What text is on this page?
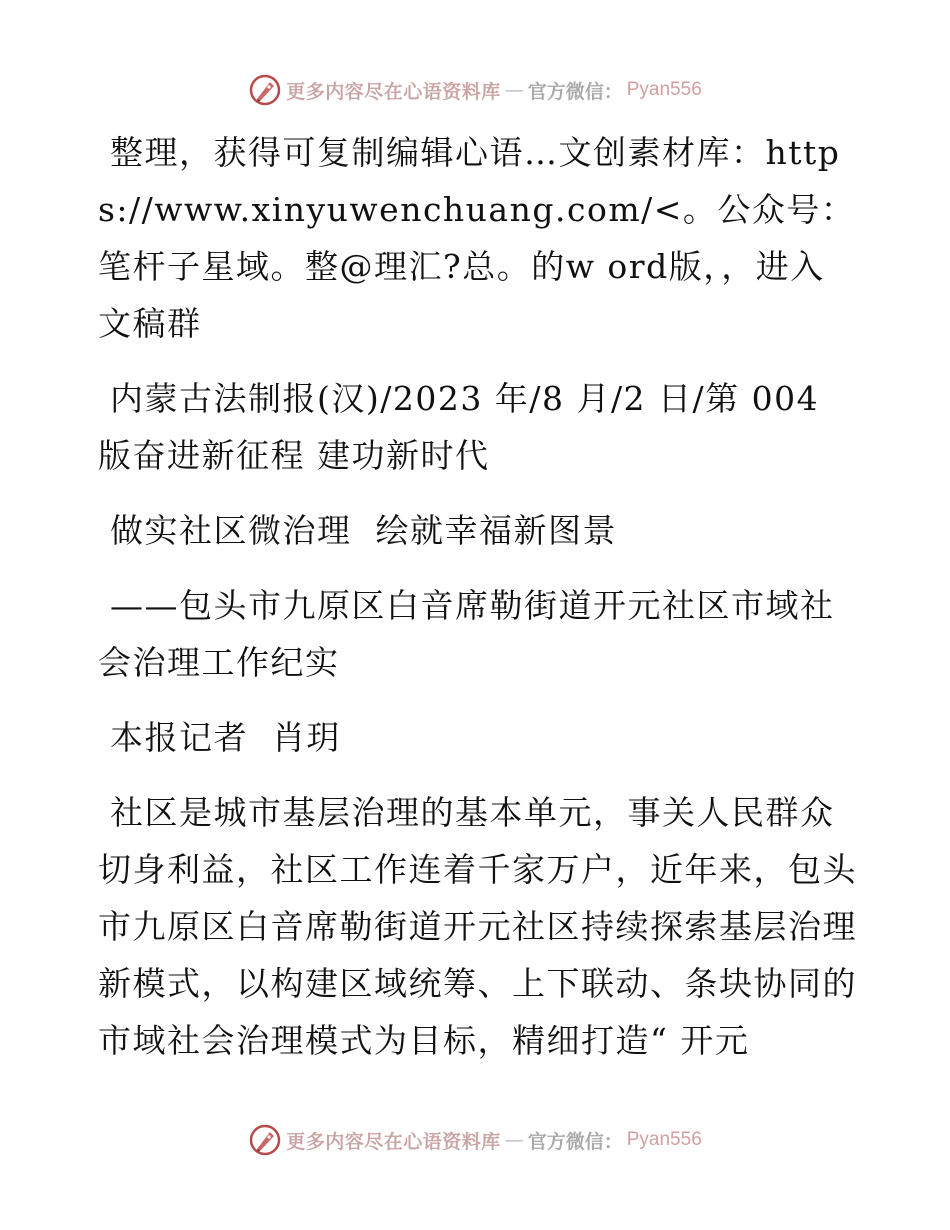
更多内容尽在心语资料库 — 官方微信： Pyan556

整理，获得可复制编辑心语…文创素材库：https://www.xinyuwenchuang.com/<。公众号：笔杆子星域。整@理汇?总。的w ord版，，进入文稿群

内蒙古法制报(汉)/2023 年/8 月/2 日/第 004 版奋进新征程 建功新时代

做实社区微治理  绘就幸福新图景

——包头市九原区白音席勒街道开元社区市域社会治理工作纪实

本报记者  肖玥

社区是城市基层治理的基本单元，事关人民群众切身利益，社区工作连着千家万户，近年来，包头市九原区白音席勒街道开元社区持续探索基层治理新模式，以构建区域统筹、上下联动、条块协同的市域社会治理模式为目标，精细打造“ 开元

更多内容尽在心语资料库 — 官方微信： Pyan556
